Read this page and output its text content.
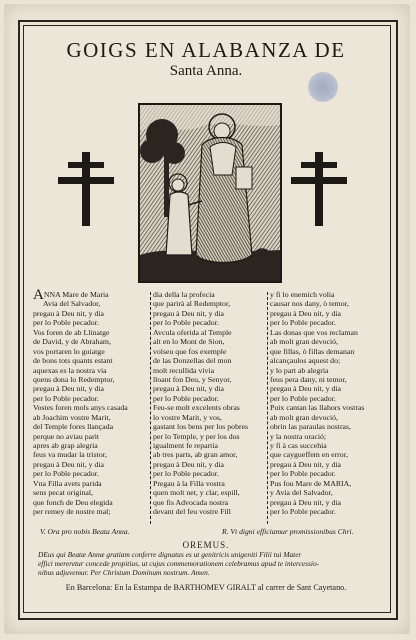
GOIGS EN ALABANZA DE
Santa Anna.
ANNA Mare de Maria
Avia del Salvador,
pregau à Deu nit, y dia
per lo Poble pecador.
Vos foren de ab Llinatge
de David, y de Abraham,
vos portaren lo guiatge
de bons tots quants estant
aquexas es la nostra via
quens dona lo Redemptor,
pregau à Deu nit, y dia
per lo Poble pecador.
Vostes foren mols anys casada
ab Joachim vostre Marit,
del Temple fores llançada
perque no aviau parit
apres ab grap alegria
feus va mudar la tristor,
pregau à Deu nit, y dia
per lo Poble pecador.
Vna Filla avets parida
sens pecat original,
que fonch de Deu elegida
per remey de nostre mal;
dia della la profecia
que parirà al Redemptor,
pregau à Deu nit, y dia
per lo Poble pecador.
Avcula oferida al Temple
alt en lo Mont de Sion,
volseu que fos exemple
de las Donzellas del mon
molt recullida vivia
lloant fon Deu, y Senyor,
pregau à Deu nit, y dia
per lo Poble pecador.
Feu-se molt excelents obras
lo vostre Marit, y vos,
gastant los bens per los pobres
per lo Temple, y per los dos
igualment fe repartia
ab tres parts, ab gran amor,
pregau à Deu nit, y dia
per lo Poble pecador.
Pregau à la Filla vostra
quen molt net, y clar, espill,
que fis Advocada nostra
devant del feu vostre Fill
y fi lo enemich volia
causar nos dany, ò temor,
pregau à Deu nit, y dia
per lo Poble pecador.
Las donas que vos reclaman
ab molt gran devoció,
que fillas, ò fillas demanan
alcançaulos aquest do;
y lo part ab alegria
feus pera dany, ni temor,
pregau à Deu nit, y dia
per lo Poble pecador.
Puix cantan las llahors vostras
ab molt gran devoció,
obrin las paraulas nostras,
y la nostra oració;
y fi à cas succehia
que caygueffem en error,
pregau à Deu nit, y dia
per lo Poble pecador.
Pus fou Mare de MARIA,
y Avia del Salvador,
pregau à Deu nit, y dia
per lo Poble pecador.
V. Ora pro nobis Beata Anna.	R. Vt digni efficiamur promissionibus Chri.
OREMUS.
DEus qui Beatæ Annæ gratiam conferre dignatus es ut genitricis unigeniti Filii tui Mater
effici mereretur concede propitius, ut cujus commemorationem celebramus apud te intercessio-
nibus adjuvemur. Per Christum Dominum nostrum. Amen.
En Barcelona: En la Estampa de BARTHOMEV GIRALT al carrer de Sant Cayetano.
